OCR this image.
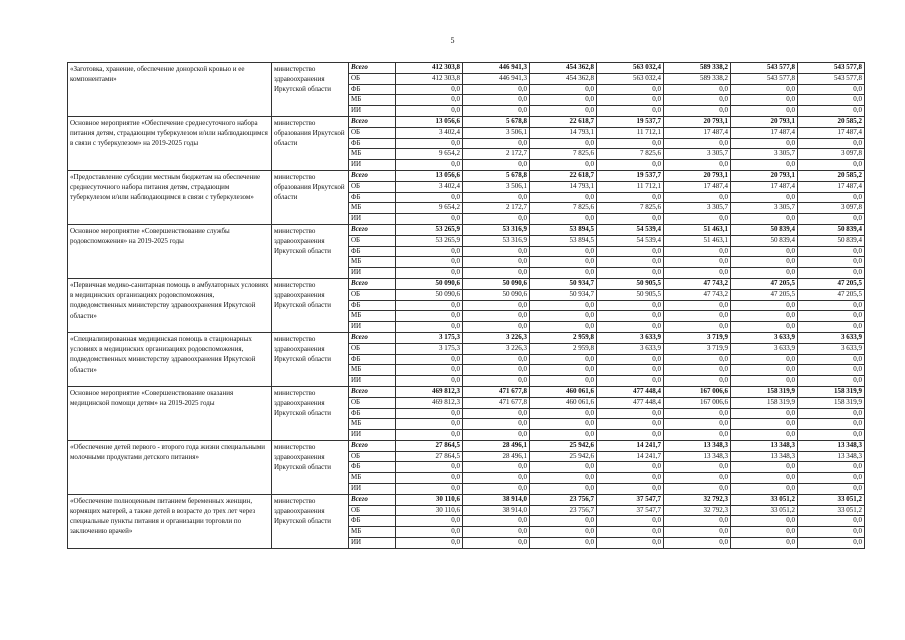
5
«Заготовка, хранение, обеспечение донорской кровью и ее компонентами»	министерство здравоохранения Иркутской области	Всего	412 303,8	446 941,3	454 362,8	563 032,4	589 338,2	543 577,8	543 577,8
		ОБ	412 303,8	446 941,3	454 362,8	563 032,4	589 338,2	543 577,8	543 577,8
		ФБ	0,0	0,0	0,0	0,0	0,0	0,0	0,0
		МБ	0,0	0,0	0,0	0,0	0,0	0,0	0,0
		ИИ	0,0	0,0	0,0	0,0	0,0	0,0	0,0
Основное мероприятие «Обеспечение среднесуточного набора питания детям, страдающим туберкулезом и/или наблюдающимся в связи с туберкулезом» на 2019-2025 годы	министерство образования Иркутской области	Всего	13 056,6	5 678,8	22 618,7	19 537,7	20 793,1	20 793,1	20 585,2
		ОБ	3 402,4	3 506,1	14 793,1	11 712,1	17 487,4	17 487,4	17 487,4
		ФБ	0,0	0,0	0,0	0,0	0,0	0,0	0,0
		МБ	9 654,2	2 172,7	7 825,6	7 825,6	3 305,7	3 305,7	3 097,8
		ИИ	0,0	0,0	0,0	0,0	0,0	0,0	0,0
«Предоставление субсидии местным бюджетам на обеспечение среднесуточного набора питания детям, страдающим туберкулезом и/или наблюдающимся в связи с туберкулезом»	министерство образования Иркутской области	Всего	13 056,6	5 678,8	22 618,7	19 537,7	20 793,1	20 793,1	20 585,2
		ОБ	3 402,4	3 506,1	14 793,1	11 712,1	17 487,4	17 487,4	17 487,4
		ФБ	0,0	0,0	0,0	0,0	0,0	0,0	0,0
		МБ	9 654,2	2 172,7	7 825,6	7 825,6	3 305,7	3 305,7	3 097,8
		ИИ	0,0	0,0	0,0	0,0	0,0	0,0	0,0
Основное мероприятие «Совершенствование службы родовспоможения» на 2019-2025 годы	министерство здравоохранения Иркутской области	Всего	53 265,9	53 316,9	53 894,5	54 539,4	51 463,1	50 839,4	50 839,4
		ОБ	53 265,9	53 316,9	53 894,5	54 539,4	51 463,1	50 839,4	50 839,4
		ФБ	0,0	0,0	0,0	0,0	0,0	0,0	0,0
		МБ	0,0	0,0	0,0	0,0	0,0	0,0	0,0
		ИИ	0,0	0,0	0,0	0,0	0,0	0,0	0,0
«Первичная медико-санитарная помощь в амбулаторных условиях в медицинских организациях родовспоможения, подведомственных министерству здравоохранения Иркутской области»	министерство здравоохранения Иркутской области	Всего	50 090,6	50 090,6	50 934,7	50 905,5	47 743,2	47 205,5	47 205,5
		ОБ	50 090,6	50 090,6	50 934,7	50 905,5	47 743,2	47 205,5	47 205,5
		ФБ	0,0	0,0	0,0	0,0	0,0	0,0	0,0
		МБ	0,0	0,0	0,0	0,0	0,0	0,0	0,0
		ИИ	0,0	0,0	0,0	0,0	0,0	0,0	0,0
«Специализированная медицинская помощь в стационарных условиях в медицинских организациях родовспоможения, подведомственных министерству здравоохранения Иркутской области»	министерство здравоохранения Иркутской области	Всего	3 175,3	3 226,3	2 959,8	3 633,9	3 719,9	3 633,9	3 633,9
		ОБ	3 175,3	3 226,3	2 959,8	3 633,9	3 719,9	3 633,9	3 633,9
		ФБ	0,0	0,0	0,0	0,0	0,0	0,0	0,0
		МБ	0,0	0,0	0,0	0,0	0,0	0,0	0,0
		ИИ	0,0	0,0	0,0	0,0	0,0	0,0	0,0
Основное мероприятие «Совершенствование оказания медицинской помощи детям» на 2019-2025 годы	министерство здравоохранения Иркутской области	Всего	469 812,3	471 677,8	460 061,6	477 448,4	167 006,6	158 319,9	158 319,9
		ОБ	469 812,3	471 677,8	460 061,6	477 448,4	167 006,6	158 319,9	158 319,9
		ФБ	0,0	0,0	0,0	0,0	0,0	0,0	0,0
		МБ	0,0	0,0	0,0	0,0	0,0	0,0	0,0
		ИИ	0,0	0,0	0,0	0,0	0,0	0,0	0,0
«Обеспечение детей первого - второго года жизни специальными молочными продуктами детского питания»	министерство здравоохранения Иркутской области	Всего	27 864,5	28 496,1	25 942,6	14 241,7	13 348,3	13 348,3	13 348,3
		ОБ	27 864,5	28 496,1	25 942,6	14 241,7	13 348,3	13 348,3	13 348,3
		ФБ	0,0	0,0	0,0	0,0	0,0	0,0	0,0
		МБ	0,0	0,0	0,0	0,0	0,0	0,0	0,0
		ИИ	0,0	0,0	0,0	0,0	0,0	0,0	0,0
«Обеспечение полноценным питанием беременных женщин, кормящих матерей, а также детей в возрасте до трех лет через специальные пункты питания и организации торговли по заключению врачей»	министерство здравоохранения Иркутской области	Всего	30 110,6	38 914,0	23 756,7	37 547,7	32 792,3	33 051,2	33 051,2
		ОБ	30 110,6	38 914,0	23 756,7	37 547,7	32 792,3	33 051,2	33 051,2
		ФБ	0,0	0,0	0,0	0,0	0,0	0,0	0,0
		МБ	0,0	0,0	0,0	0,0	0,0	0,0	0,0
		ИИ	0,0	0,0	0,0	0,0	0,0	0,0	0,0
